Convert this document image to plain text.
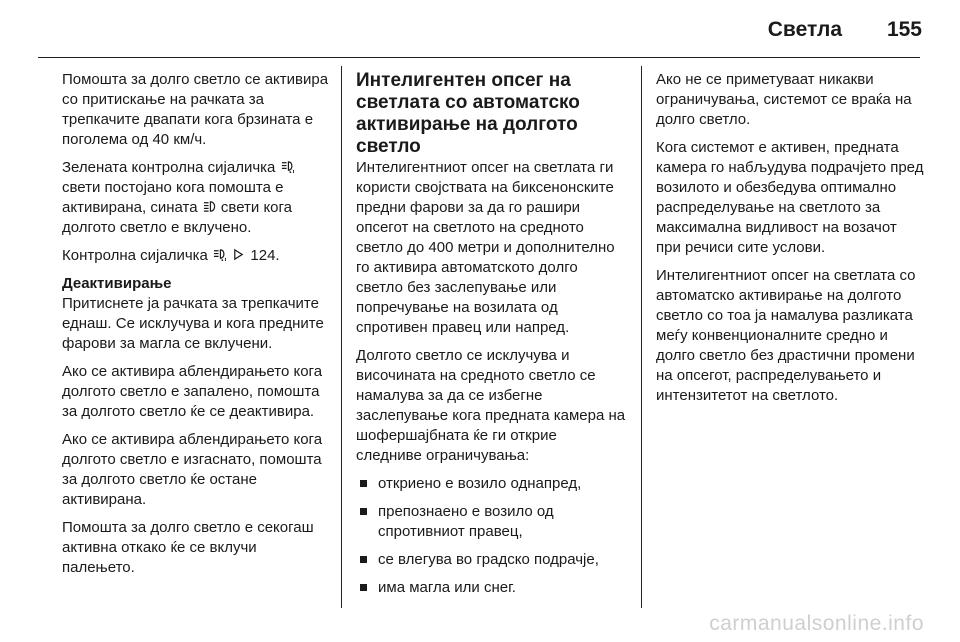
Светла 155

Помошта за долго светло се активира со притискање на рачката за трепкачите двапати кога брзината е поголема од 40 км/ч.

Зелената контролна сијаличка
свети постојано кога помошта е активирана, сината свети кога долгото светло е вклучено.

Контролна сијаличка
	124.

Деактивирање

Притиснете ја рачката за трепкачите еднаш. Се исклучува и кога предните фарови за магла се вклучени.

Ако се активира аблендирањето кога долгото светло е запалено, помошта за долгото светло ќе се деактивира.

Ако се активира аблендирањето кога долгото светло е изгаснато, помошта за долгото светло ќе остане активирана.

Помошта за долго светло е секогаш активна откако ќе се вклучи палењето.

Интелигентен опсег на светлата со автоматско активирање на долгото светло

Интелигентниот опсег на светлата ги користи својствата на биксенонските предни фарови за да го рашири опсегот на светлото на средното светло до 400 метри и дополнително го активира автоматското долго светло без заслепување или попречување на возилата од спротивен правец или напред.

Долгото светло се исклучува и височината на средното светло се намалува за да се избегне заслепување кога предната камера на шофершајбната ќе ги открие следниве ограничувања:

откриено е возило однапред,
препознаено е возило од спротивниот правец,
се влегува во градско подрачје,
има магла или снег.

Ако не се приметуваат никакви ограничувања, системот се враќа на долго светло.

Кога системот е активен, предната камера го набљудува подрачјето пред возилото и обезбедува оптимално распределување на светлото за максимална видливост на возачот при речиси сите услови.

Интелигентниот опсег на светлата со автоматско активирање на долгото светло со тоа ја намалува разликата меѓу конвенционалните средно и долго светло без драстични промени на опсегот, распределувањето и интензитетот на светлото.

carmanualsonline.info
